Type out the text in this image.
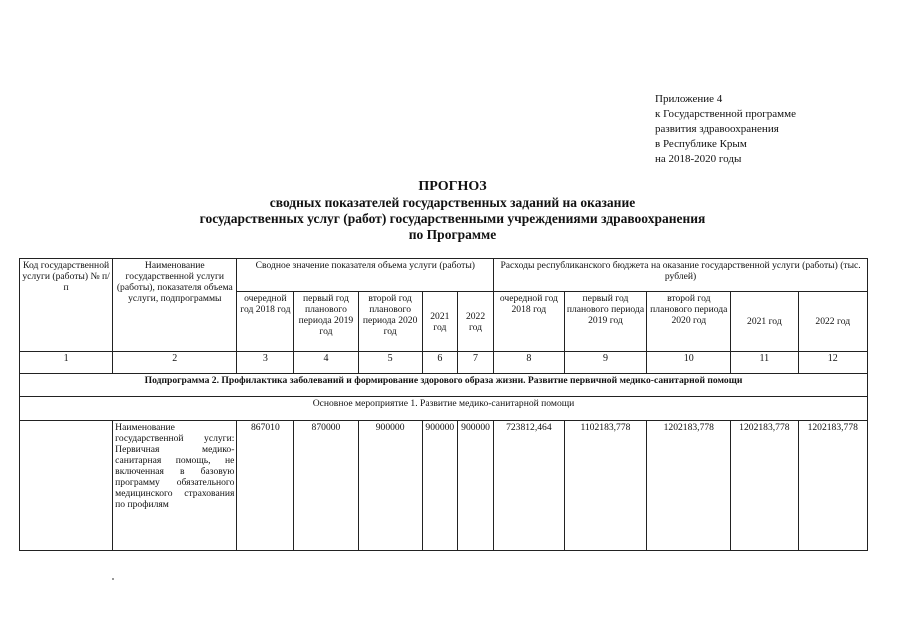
Приложение 4
к Государственной программе
развития здравоохранения
в Республике Крым
на 2018-2020 годы
ПРОГНОЗ
сводных показателей государственных заданий на оказание
государственных услуг (работ) государственными учреждениями здравоохранения
по Программе
Код государственной услуги (работы) № п/п	Наименование государственной услуги (работы), показателя объема услуги, подпрограммы	Сводное значение показателя объема услуги (работы)					Расходы республиканского бюджета на оказание государственной услуги (работы) (тыс. рублей)				
		очередной год 2018 год	первый год планового периода 2019 год	второй год планового периода 2020 год	2021 год	2022 год	очередной год 2018 год	первый год планового периода 2019 год	второй год планового периода 2020 год	2021 год	2022 год
1	2	3	4	5	6	7	8	9	10	11	12
Подпрограмма 2. Профилактика заболеваний и формирование здорового образа жизни. Развитие первичной медико-санитарной помощи											
Основное мероприятие 1. Развитие медико-санитарной помощи											
	Наименование государственной услуги: Первичная медико-санитарная помощь, не включенная в базовую программу обязательного медицинского страхования по профилям	867010	870000	900000	900000	900000	723812,464	1102183,778	1202183,778	1202183,778	1202183,778
